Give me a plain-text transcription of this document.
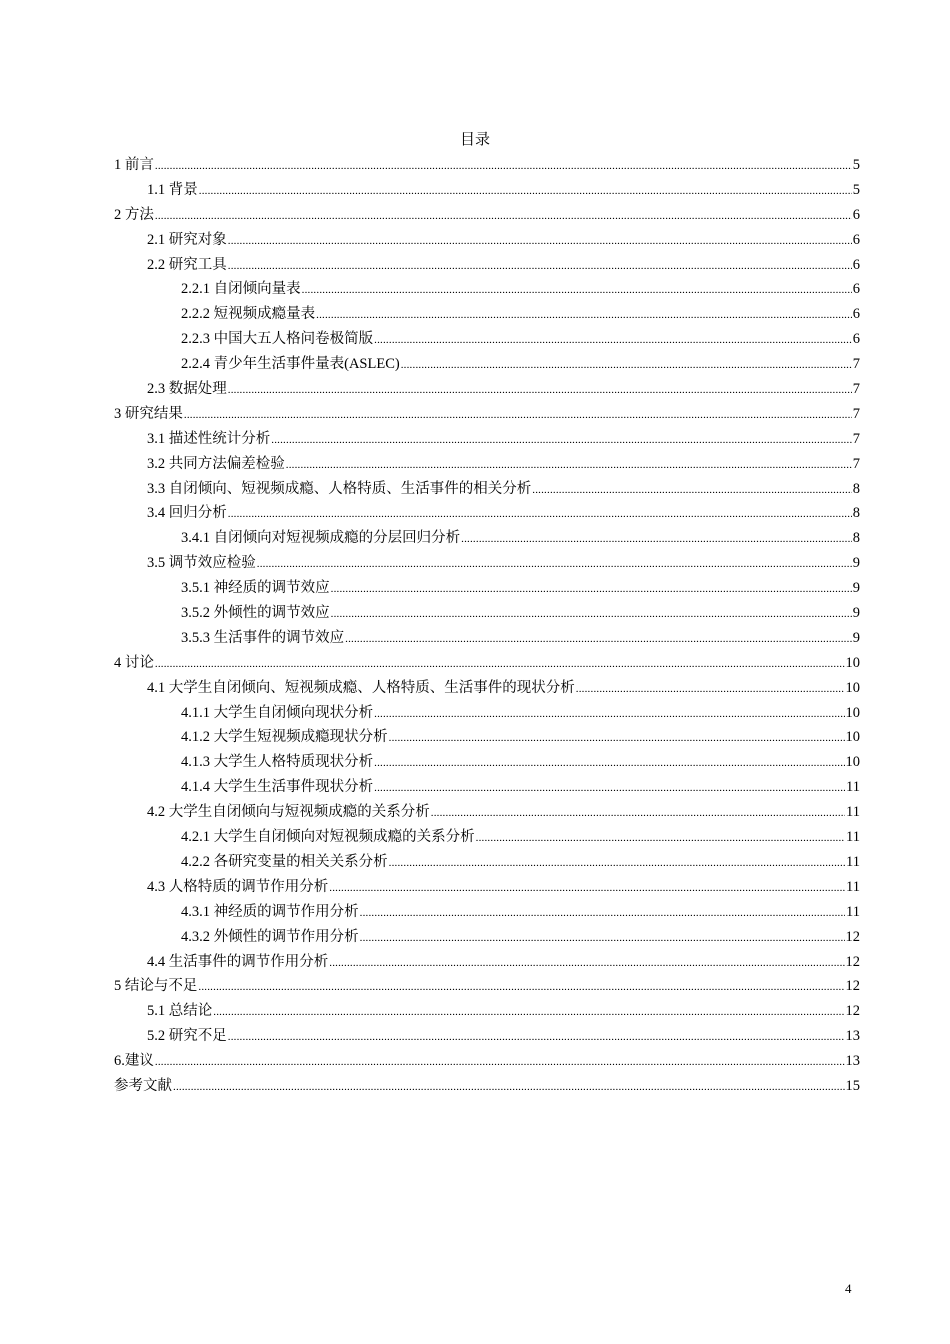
目录
1 前言 .....	5
1.1 背景 .....	5
2 方法 .....	6
2.1 研究对象 .....	6
2.2 研究工具 .....	6
2.2.1 自闭倾向量表 .....	6
2.2.2 短视频成瘾量表 .....	6
2.2.3 中国大五人格问卷极简版 .....	6
2.2.4 青少年生活事件量表(ASLEC) .....	7
2.3 数据处理 .....	7
3 研究结果 .....	7
3.1 描述性统计分析 .....	7
3.2 共同方法偏差检验 .....	7
3.3 自闭倾向、短视频成瘾、人格特质、生活事件的相关分析 .....	8
3.4 回归分析 .....	8
3.4.1 自闭倾向对短视频成瘾的分层回归分析 .....	8
3.5 调节效应检验 .....	9
3.5.1 神经质的调节效应 .....	9
3.5.2 外倾性的调节效应 .....	9
3.5.3 生活事件的调节效应 .....	9
4 讨论 .....	10
4.1 大学生自闭倾向、短视频成瘾、人格特质、生活事件的现状分析 .....	10
4.1.1 大学生自闭倾向现状分析 .....	10
4.1.2 大学生短视频成瘾现状分析 .....	10
4.1.3 大学生人格特质现状分析 .....	10
4.1.4 大学生生活事件现状分析 .....	11
4.2 大学生自闭倾向与短视频成瘾的关系分析 .....	11
4.2.1 大学生自闭倾向对短视频成瘾的关系分析 .....	11
4.2.2 各研究变量的相关关系分析 .....	11
4.3 人格特质的调节作用分析 .....	11
4.3.1 神经质的调节作用分析 .....	11
4.3.2 外倾性的调节作用分析 .....	12
4.4 生活事件的调节作用分析 .....	12
5 结论与不足 .....	12
5.1 总结论 .....	12
5.2 研究不足 .....	13
6.建议 .....	13
参考文献 .....	15
4
